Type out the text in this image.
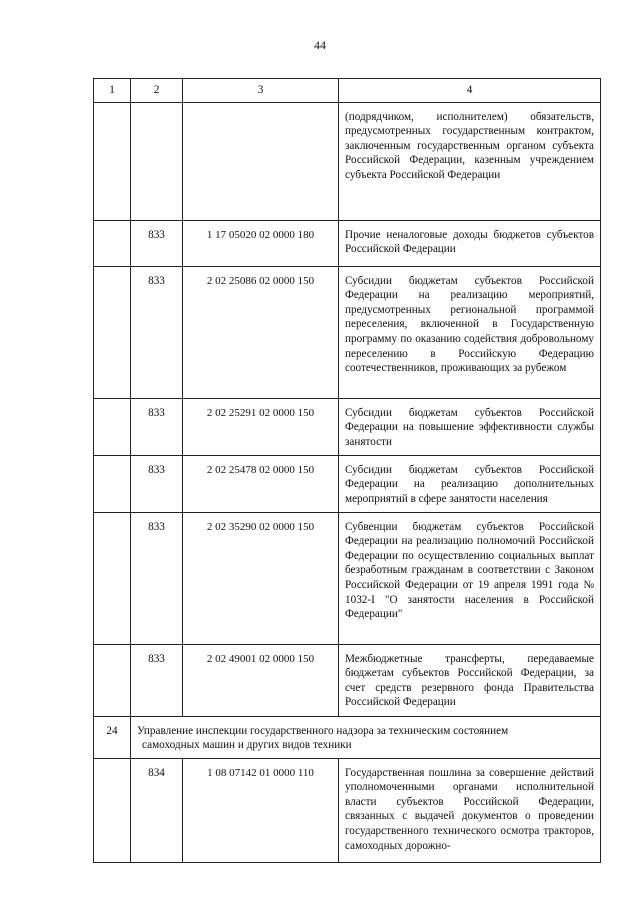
44
1	2	3	4
			(подрядчиком, исполнителем) обязательств, предусмотренных государственным контрактом, заключенным государственным органом субъекта Российской Федерации, казенным учреждением субъекта Российской Федерации
	833	1 17 05020 02 0000 180	Прочие неналоговые доходы бюджетов субъектов Российской Федерации
	833	2 02 25086 02 0000 150	Субсидии бюджетам субъектов Российской Федерации на реализацию мероприятий, предусмотренных региональной программой переселения, включенной в Государственную программу по оказанию содействия добровольному переселению в Российскую Федерацию соотечественников, проживающих за рубежом
	833	2 02 25291 02 0000 150	Субсидии бюджетам субъектов Российской Федерации на повышение эффективности службы занятости
	833	2 02 25478 02 0000 150	Субсидии бюджетам субъектов Российской Федерации на реализацию дополнительных мероприятий в сфере занятости населения
	833	2 02 35290 02 0000 150	Субвенции бюджетам субъектов Российской Федерации на реализацию полномочий Российской Федерации по осуществлению социальных выплат безработным гражданам в соответствии с Законом Российской Федерации от 19 апреля 1991 года № 1032-I "О занятости населения в Российской Федерации"
	833	2 02 49001 02 0000 150	Межбюджетные трансферты, передаваемые бюджетам субъектов Российской Федерации, за счет средств резервного фонда Правительства Российской Федерации
24	Управление инспекции государственного надзора за техническим состоянием
самоходных машин и других видов техники		

	834	1 08 07142 01 0000 110	Государственная пошлина за совершение действий уполномоченными органами исполнительной власти субъектов Российской Федерации, связанных с выдачей документов о проведении государственного технического осмотра тракторов, самоходных дорожно-
